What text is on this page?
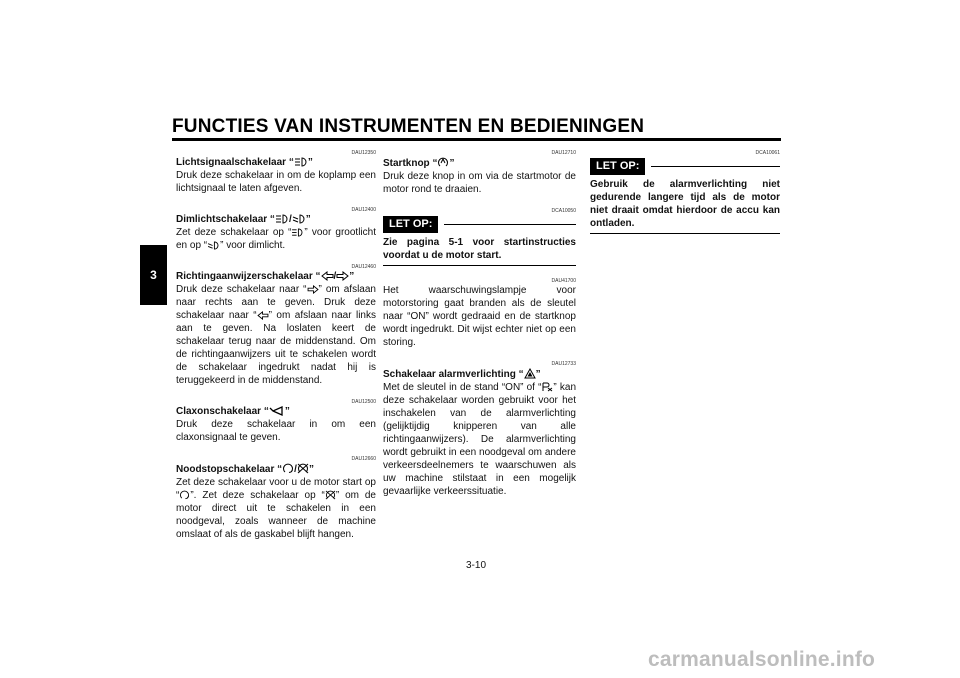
FUNCTIES VAN INSTRUMENTEN EN BEDIENINGEN
3
DAU12350
Lichtsignaalschakelaar “ ”

Druk deze schakelaar in om de koplamp een lichtsignaal te laten afgeven.

DAU12400
Dimlichtschakelaar “ / ”

Zet deze schakelaar op “ ” voor grootlicht en op “ ” voor dimlicht.

DAU12460
Richtingaanwijzerschakelaar “ / ”

Druk deze schakelaar naar “ ” om afslaan naar rechts aan te geven. Druk deze schakelaar naar “ ” om afslaan naar links aan te geven. Na loslaten keert de schakelaar terug naar de middenstand. Om de richtingaanwijzers uit te schakelen wordt de schakelaar ingedrukt nadat hij is teruggekeerd in de middenstand.

DAU12500
Claxonschakelaar “ ”

Druk deze schakelaar in om een claxonsignaal te geven.

DAU12660
Noodstopschakelaar “ / ”

Zet deze schakelaar voor u de motor start op “ ”. Zet deze schakelaar op “ ” om de motor direct uit te schakelen in een noodgeval, zoals wanneer de machine omslaat of als de gaskabel blijft hangen.

DAU12710
Startknop “ ”

Druk deze knop in om via de startmotor de motor rond te draaien.

DCA10050
LET OP:

Zie pagina 5-1 voor startinstructies voordat u de motor start.

DAU41700

Het waarschuwingslampje voor motorstoring gaat branden als de sleutel naar “ON” wordt gedraaid en de startknop wordt ingedrukt. Dit wijst echter niet op een storing.

DAU12733
Schakelaar alarmverlichting “ ”

Met de sleutel in de stand “ON” of “ ” kan deze schakelaar worden gebruikt voor het inschakelen van de alarmverlichting (gelijktijdig knipperen van alle richtingaanwijzers). De alarmverlichting wordt gebruikt in een noodgeval om andere verkeersdeelnemers te waarschuwen als uw machine stilstaat in een mogelijk gevaarlijke verkeerssituatie.

DCA10061
LET OP:

Gebruik de alarmverlichting niet gedurende langere tijd als de motor niet draait omdat hierdoor de accu kan ontladen.

3-10
carmanualsonline.info
